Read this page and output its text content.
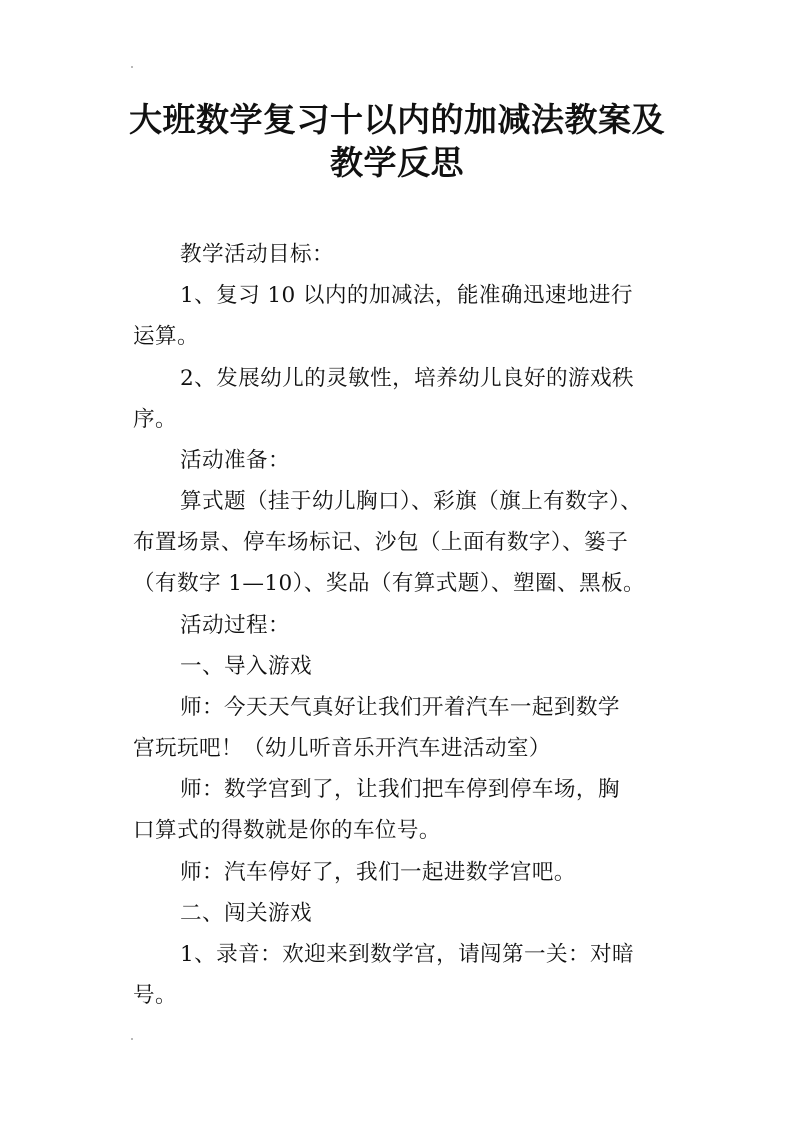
大班数学复习十以内的加减法教案及
教学反思

教学活动目标：

1、复习 10 以内的加减法，能准确迅速地进行

运算。

2、发展幼儿的灵敏性，培养幼儿良好的游戏秩

序。

活动准备：

算式题（挂于幼儿胸口）、彩旗（旗上有数字）、

布置场景、停车场标记、沙包（上面有数字）、篓子

（有数字 1—10）、奖品（有算式题）、塑圈、黑板。

活动过程：

一、导入游戏

师：今天天气真好让我们开着汽车一起到数学

宫玩玩吧！（幼儿听音乐开汽车进活动室）

师：数学宫到了，让我们把车停到停车场，胸

口算式的得数就是你的车位号。

师：汽车停好了，我们一起进数学宫吧。

二、闯关游戏

1、录音：欢迎来到数学宫，请闯第一关：对暗

号。
